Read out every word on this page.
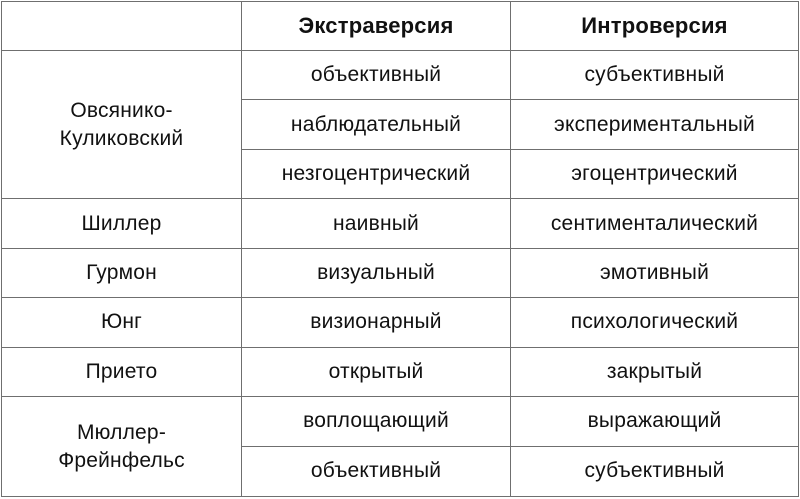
	Экстраверсия	Интроверсия

Овсянико-
Куликовский	объективный	субъективный
	наблюдательный	экспериментальный
	незгоцентрический	эгоцентрический

Шиллер	наивный	сентименталический

Гурмон	визуальный	эмотивный

Юнг	визионарный	психологический

Прието	открытый	закрытый

Мюллер-
Фрейнфельс	воплощающий	выражающий
	объективный	субъективный
